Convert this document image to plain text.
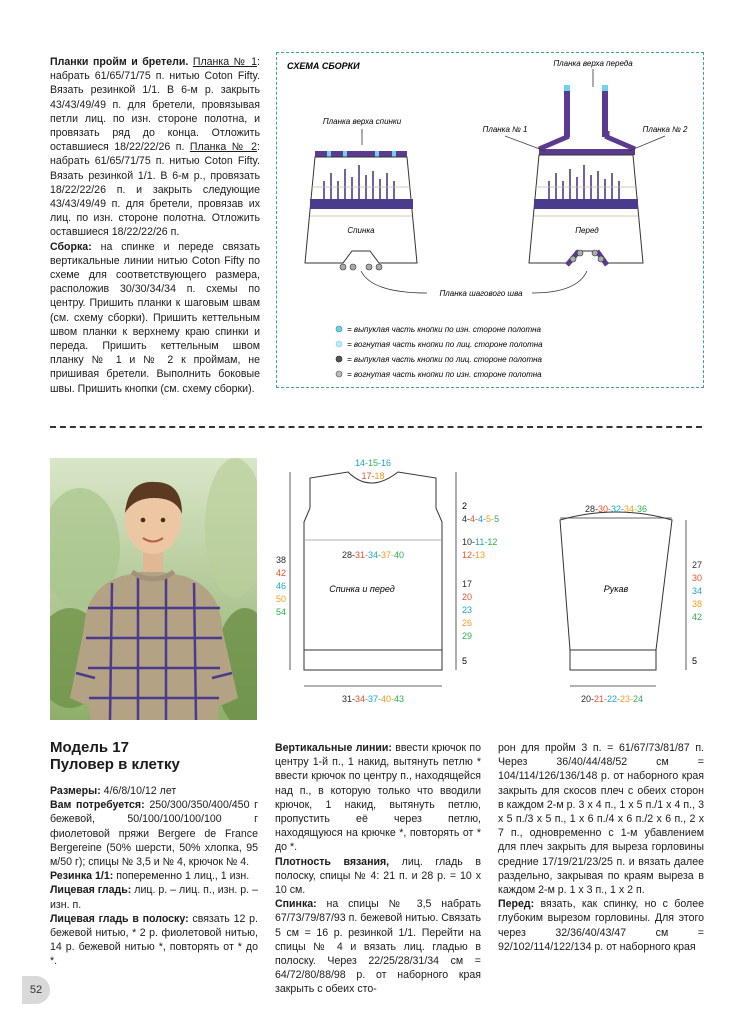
Планки пройм и бретели. Планка № 1: набрать 61/65/71/75 п. нитью Coton Fifty. Вязать резинкой 1/1. В 6-м р. закрыть 43/43/49/49 п. для бретели, провязывая петли лиц. по изн. стороне полотна, и провязать ряд до конца. Отложить оставшиеся 18/22/22/26 п. Планка № 2: набрать 61/65/71/75 п. нитью Coton Fifty. Вязать резинкой 1/1. В 6-м р., провязать 18/22/22/26 п. и закрыть следующие 43/43/49/49 п. для бретели, провязав их лиц. по изн. стороне полотна. Отложить оставшиеся 18/22/22/26 п.

Сборка: на спинке и переде связать вертикальные линии нитью Coton Fifty по схеме для соответствующего размера, расположив 30/30/34/34 п. схемы по центру. Пришить планки к шаговым швам (см. схему сборки). Пришить кеттельным швом планки к верхнему краю спинки и переда. Пришить кеттельным швом планку № 1 и № 2 к проймам, не пришивая бретели. Выполнить боковые швы. Пришить кнопки (см. схему сборки).

СХЕМА СБОРКИ	Планка верха переда
Планка верха спинки
Планка № 1	Планка № 2
Спинка	Перед
Планка шагового шва
= выпуклая часть кнопки по изн. стороне полотна
= вогнутая часть кнопки по лиц. стороне полотна
= выпуклая часть кнопки по лиц. стороне полотна
= вогнутая часть кнопки по изн. стороне полотна
Спинка и перед
14-15-16
17-18
2
4-4-4-5-5
10-11-12
12-13
28-31-34-37-40
38
42
46
50
54
17
20
23
26
29
5
31-34-37-40-43
Рукав
28-30-32-34-36
27
30
34
38
42
5
20-21-22-23-24
Модель 17
Пуловер в клетку

Размеры: 4/6/8/10/12 лет

Вам потребуется: 250/300/350/400/450 г бежевой, 50/100/100/100/100 г фиолетовой пряжи Bergere de France Bergereine (50% шерсти, 50% хлопка, 95 м/50 г); спицы № 3,5 и № 4, крючок № 4.

Резинка 1/1: попеременно 1 лиц., 1 изн.

Лицевая гладь: лиц. р. – лиц. п., изн. р. – изн. п.

Лицевая гладь в полоску: связать 12 р. бежевой нитью, * 2 р. фиолетовой нитью, 14 р. бежевой нитью *, повторять от * до *.

Вертикальные линии: ввести крючок по центру 1-й п., 1 накид, вытянуть петлю * ввести крючок по центру п., находящейся над п., в которую только что вводили крючок, 1 накид, вытянуть петлю, пропустить её через петлю, находящуюся на крючке *, повторять от * до *.

Плотность вязания, лиц. гладь в полоску, спицы № 4: 21 п. и 28 р. = 10 х 10 см.

Спинка: на спицы № 3,5 набрать 67/73/79/87/93 п. бежевой нитью. Связать 5 см = 16 р. резинкой 1/1. Перейти на спицы № 4 и вязать лиц. гладью в полоску. Через 22/25/28/31/34 см = 64/72/80/88/98 р. от наборного края закрыть с обеих сто-

рон для пройм 3 п. = 61/67/73/81/87 п. Через 36/40/44/48/52 см = 104/114/126/136/148 р. от наборного края закрыть для скосов плеч с обеих сторон в каждом 2-м р. 3 х 4 п., 1 х 5 п./1 х 4 п., 3 х 5 п./3 х 5 п., 1 х 6 п./4 х 6 п./2 х 6 п., 2 х 7 п., одновременно с 1-м убавлением для плеч закрыть для выреза горловины средние 17/19/21/23/25 п. и вязать далее раздельно, закрывая по краям выреза в каждом 2-м р. 1 х 3 п., 1 х 2 п.

Перед: вязать, как спинку, но с более глубоким вырезом горловины. Для этого через 32/36/40/43/47 см = 92/102/114/122/134 р. от наборного края

52
